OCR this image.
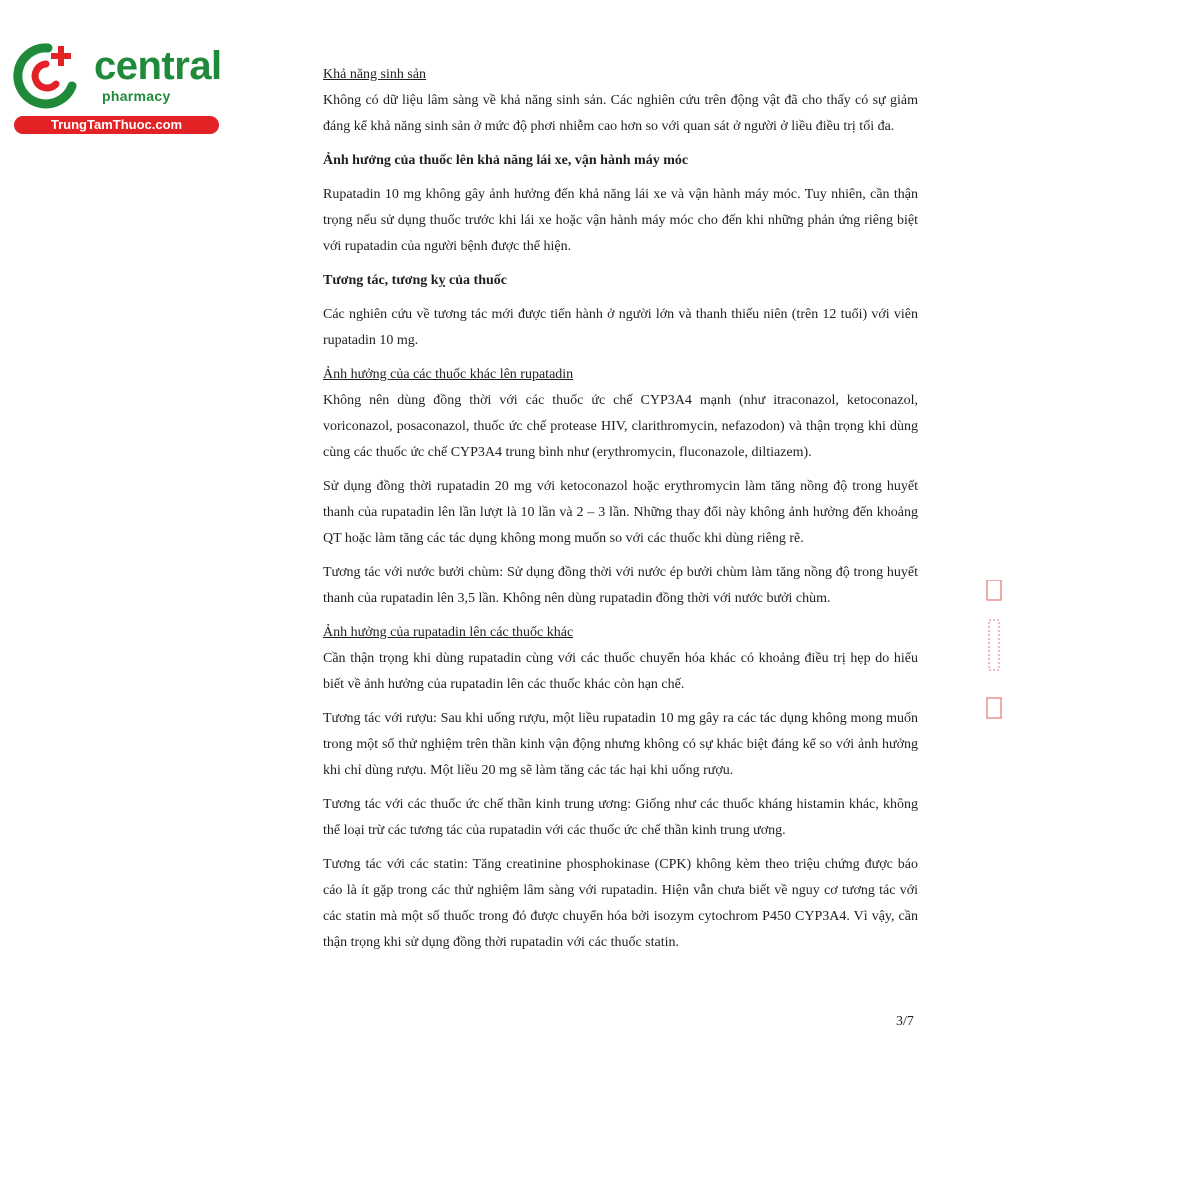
central
pharmacy
TrungTamThuoc.com

Khả năng sinh sản

Không có dữ liệu lâm sàng về khả năng sinh sản. Các nghiên cứu trên động vật đã cho thấy có sự giảm đáng kể khả năng sinh sản ở mức độ phơi nhiễm cao hơn so với quan sát ở người ở liều điều trị tối đa.

Ảnh hưởng của thuốc lên khả năng lái xe, vận hành máy móc

Rupatadin 10 mg không gây ảnh hưởng đến khả năng lái xe và vận hành máy móc. Tuy nhiên, cần thận trọng nếu sử dụng thuốc trước khi lái xe hoặc vận hành máy móc cho đến khi những phản ứng riêng biệt với rupatadin của người bệnh được thể hiện.

Tương tác, tương kỵ của thuốc

Các nghiên cứu về tương tác mới được tiến hành ở người lớn và thanh thiếu niên (trên 12 tuổi) với viên rupatadin 10 mg.

Ảnh hưởng của các thuốc khác lên rupatadin

Không nên dùng đồng thời với các thuốc ức chế CYP3A4 mạnh (như itraconazol, ketoconazol, voriconazol, posaconazol, thuốc ức chế protease HIV, clarithromycin, nefazodon) và thận trọng khi dùng cùng các thuốc ức chế CYP3A4 trung bình như (erythromycin, fluconazole, diltiazem).

Sử dụng đồng thời rupatadin 20 mg với ketoconazol hoặc erythromycin làm tăng nồng độ trong huyết thanh của rupatadin lên lần lượt là 10 lần và 2 – 3 lần. Những thay đổi này không ảnh hưởng đến khoảng QT hoặc làm tăng các tác dụng không mong muốn so với các thuốc khi dùng riêng rẽ.

Tương tác với nước bưởi chùm: Sử dụng đồng thời với nước ép bưởi chùm làm tăng nồng độ trong huyết thanh của rupatadin lên 3,5 lần. Không nên dùng rupatadin đồng thời với nước bưởi chùm.

Ảnh hưởng của rupatadin lên các thuốc khác

Cần thận trọng khi dùng rupatadin cùng với các thuốc chuyển hóa khác có khoảng điều trị hẹp do hiểu biết về ảnh hưởng của rupatadin lên các thuốc khác còn hạn chế.

Tương tác với rượu: Sau khi uống rượu, một liều rupatadin 10 mg gây ra các tác dụng không mong muốn trong một số thử nghiệm trên thần kinh vận động nhưng không có sự khác biệt đáng kể so với ảnh hưởng khi chỉ dùng rượu. Một liều 20 mg sẽ làm tăng các tác hại khi uống rượu.

Tương tác với các thuốc ức chế thần kinh trung ương: Giống như các thuốc kháng histamin khác, không thể loại trừ các tương tác của rupatadin với các thuốc ức chế thần kinh trung ương.

Tương tác với các statin: Tăng creatinine phosphokinase (CPK) không kèm theo triệu chứng được báo cáo là ít gặp trong các thử nghiệm lâm sàng với rupatadin. Hiện vẫn chưa biết về nguy cơ tương tác với các statin mà một số thuốc trong đó được chuyển hóa bởi isozym cytochrom P450 CYP3A4. Vì vậy, cần thận trọng khi sử dụng đồng thời rupatadin với các thuốc statin.

3/7
